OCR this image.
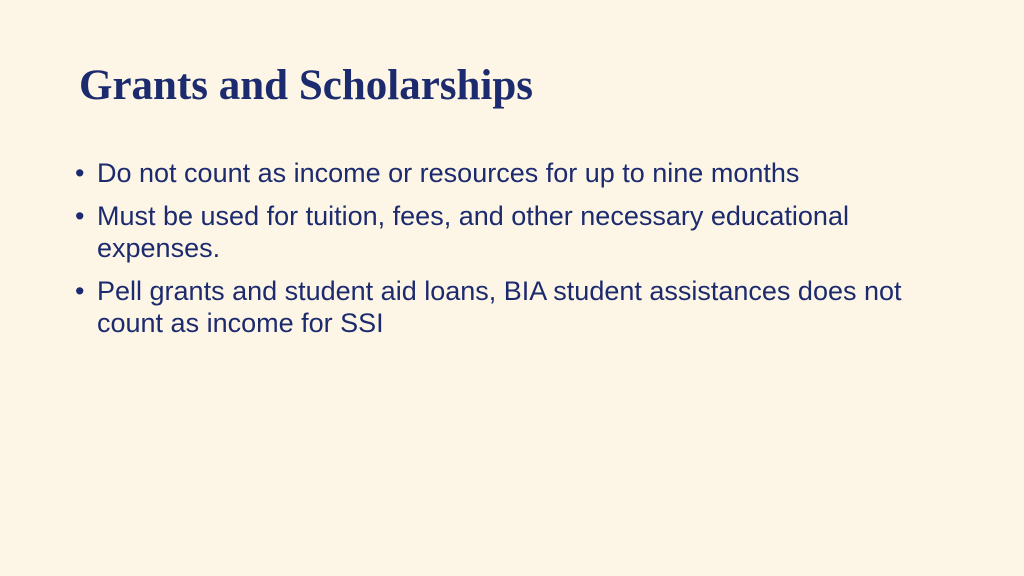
Grants and Scholarships
• Do not count as income or resources for up to nine months
• Must be used for tuition, fees, and other necessary educational expenses.
• Pell grants and student aid loans, BIA student assistances does not count as income for SSI
